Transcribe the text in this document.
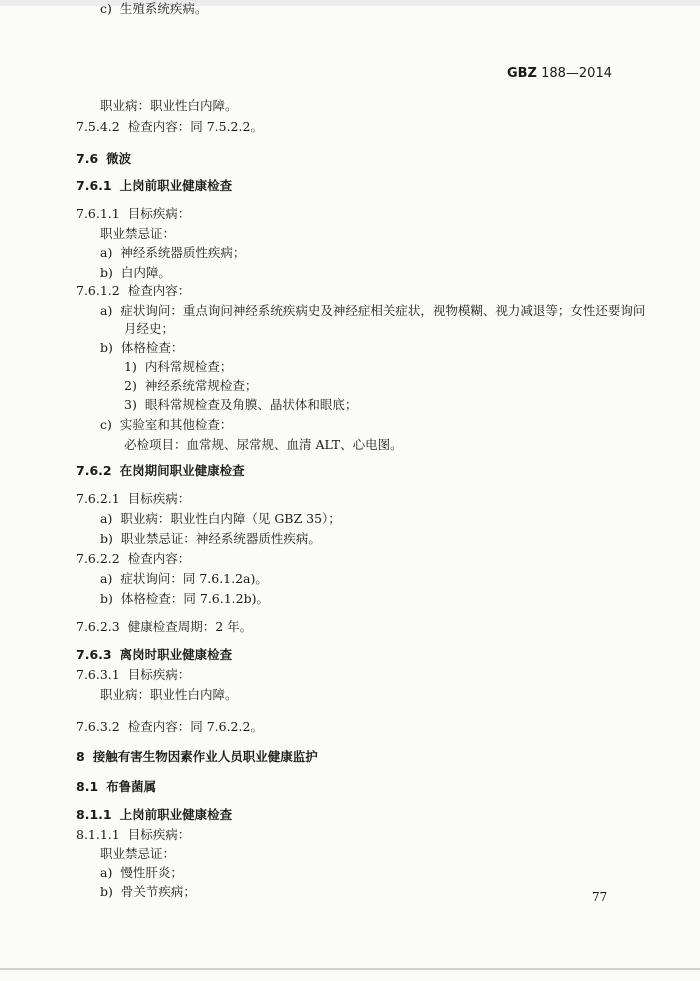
GBZ 188—2014
职业病：职业性白内障。
7.5.4.2 检查内容：同 7.5.2.2。
7.6 微波
7.6.1 上岗前职业健康检查
7.6.1.1 目标疾病：
职业禁忌证：
a) 神经系统器质性疾病；
b) 白内障。
7.6.1.2 检查内容：
a) 症状询问：重点询问神经系统疾病史及神经症相关症状，视物模糊、视力减退等；女性还要询问
月经史；
b) 体格检查：
1) 内科常规检查；
2) 神经系统常规检查；
3) 眼科常规检查及角膜、晶状体和眼底；
c) 实验室和其他检查：
必检项目：血常规、尿常规、血清 ALT、心电图。
7.6.2 在岗期间职业健康检查
7.6.2.1 目标疾病：
a) 职业病：职业性白内障（见 GBZ 35）；
b) 职业禁忌证：神经系统器质性疾病。
7.6.2.2 检查内容：
a) 症状询问：同 7.6.1.2a)。
b) 体格检查：同 7.6.1.2b)。
7.6.2.3 健康检查周期：2 年。
7.6.3 离岗时职业健康检查
7.6.3.1 目标疾病：
职业病：职业性白内障。
7.6.3.2 检查内容：同 7.6.2.2。
8 接触有害生物因素作业人员职业健康监护
8.1 布鲁菌属
8.1.1 上岗前职业健康检查
8.1.1.1 目标疾病：
职业禁忌证：
a) 慢性肝炎；
b) 骨关节疾病；
c) 生殖系统疾病。
77
